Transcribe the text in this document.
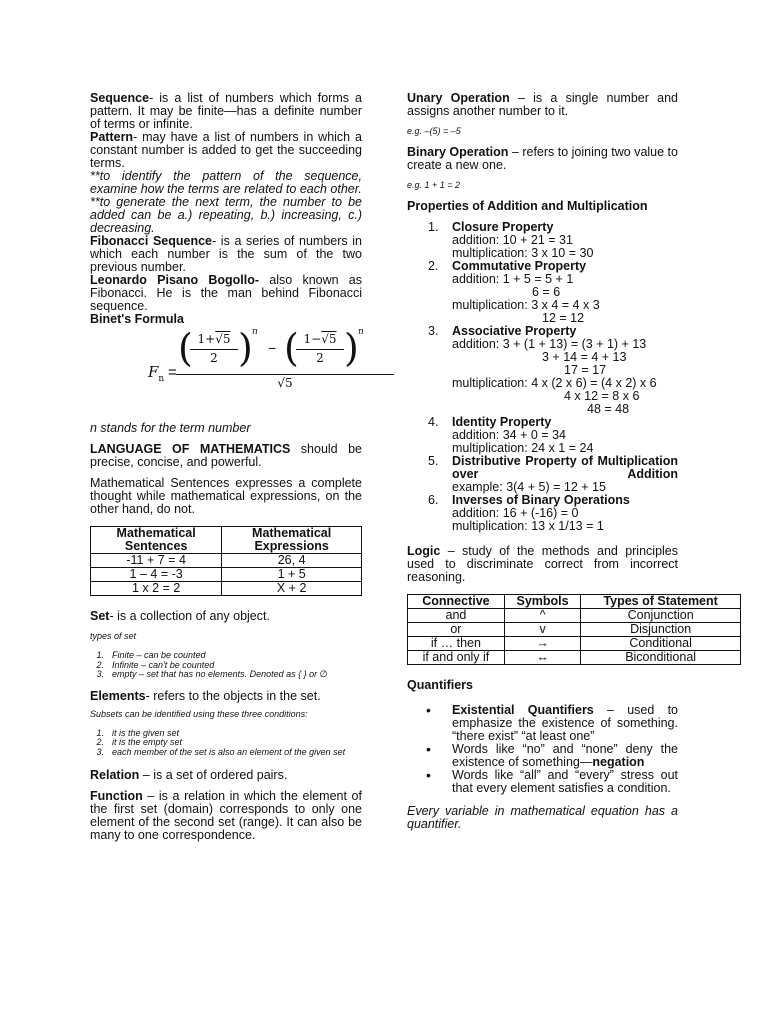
Sequence- is a list of numbers which forms a pattern. It may be finite—has a definite number of terms or infinite.

Pattern- may have a list of numbers in which a constant number is added to get the succeeding terms.

**to identify the pattern of the sequence, examine how the terms are related to each other.

**to generate the next term, the number to be added can be a.) repeating, b.) increasing, c.) decreasing.

Fibonacci Sequence- is a series of numbers in which each number is the sum of the two previous number.

Leonardo Pisano Bogollo- also known as Fibonacci. He is the man behind Fibonacci sequence.

Binet's Formula

$F_n$ =
( 1+√5
2 ) n
− ( 1−√5
2 ) n
√5

n stands for the term number

LANGUAGE OF MATHEMATICS should be precise, concise, and powerful.

Mathematical Sentences expresses a complete thought while mathematical expressions, on the other hand, do not.

Mathematical Sentences	Mathematical Expressions
-11 + 7 = 4	26, 4
1 – 4 = -3	1 + 5
1 x 2 = 2	X + 2

Set- is a collection of any object.

types of set

1. Finite – can be counted
2. Infinite – can't be counted
3. empty – set that has no elements. Denoted as { } or ∅

Elements- refers to the objects in the set.

Subsets can be identified using these three conditions:

1. it is the given set
2. it is the empty set
3. each member of the set is also an element of the given set

Relation – is a set of ordered pairs.

Function – is a relation in which the element of the first set (domain) corresponds to only one element of the second set (range). It can also be many to one correspondence.

Unary Operation – is a single number and assigns another number to it.

e.g. –(5) = –5

Binary Operation – refers to joining two value to create a new one.

e.g. 1 + 1 = 2

Properties of Addition and Multiplication

1. Closure Property
addition: 10 + 21 = 31
multiplication: 3 x 10 = 30
2. Commutative Property
addition: 1 + 5 = 5 + 1
6 = 6
multiplication: 3 x 4 = 4 x 3
12 = 12
3. Associative Property
addition: 3 + (1 + 13) = (3 + 1) + 13
3 + 14 = 4 + 13
17 = 17
multiplication: 4 x (2 x 6) = (4 x 2) x 6
4 x 12 = 8 x 6
48 = 48
4. Identity Property
addition: 34 + 0 = 34
multiplication: 24 x 1 = 24
5. Distributive Property of Multiplication over Addition
example: 3(4 + 5) = 12 + 15
6. Inverses of Binary Operations
addition: 16 + (-16) = 0
multiplication: 13 x 1/13 = 1

Logic – study of the methods and principles used to discriminate correct from incorrect reasoning.

Connective	Symbols	Types of Statement
and	^	Conjunction
or	v	Disjunction
if … then	→	Conditional
if and only if	↔	Biconditional

Quantifiers

• Existential Quantifiers – used to emphasize the existence of something. “there exist” “at least one”
• Words like “no” and “none” deny the existence of something—negation
• Words like “all” and “every” stress out that every element satisfies a condition.

Every variable in mathematical equation has a quantifier.
